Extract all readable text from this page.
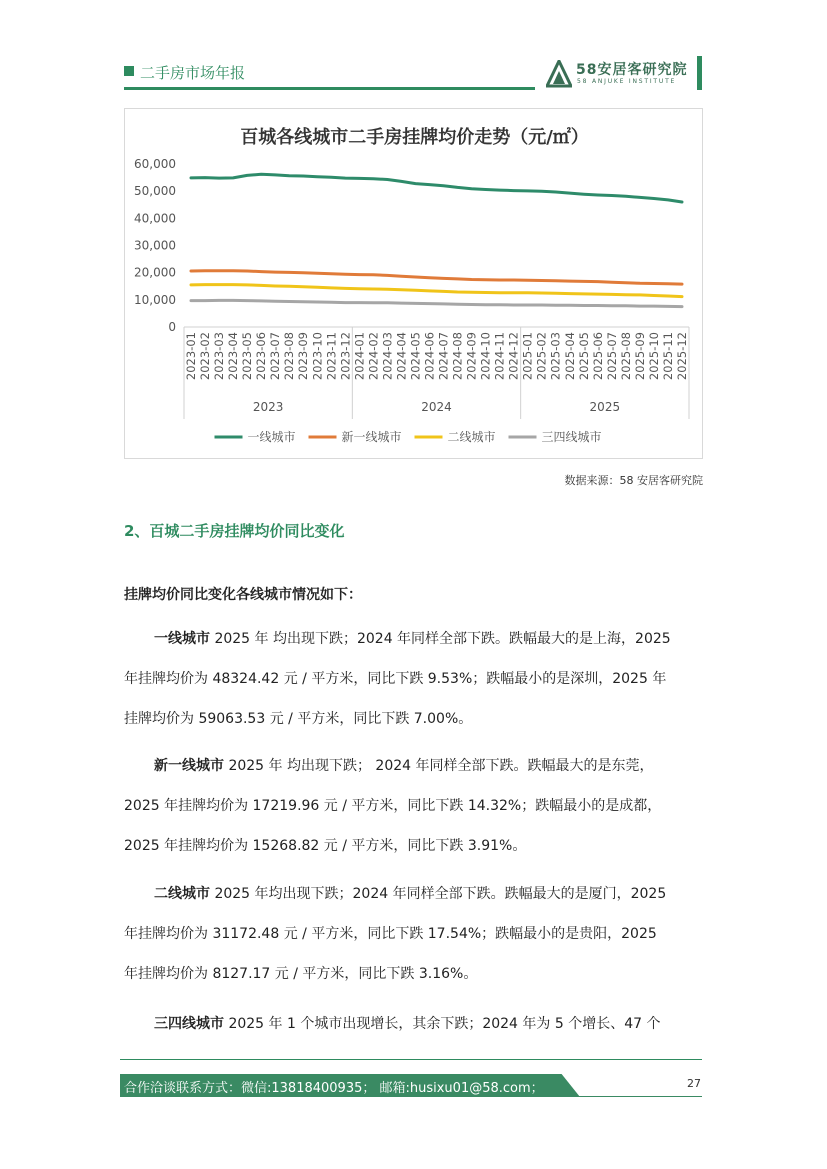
二手房市场年报	58安居客研究院
58 ANJUKE INSTITUTE
百城各线城市二手房挂牌均价走势（元/㎡）
60,000
50,000
40,000
30,000
20,000
10,000
0
2023-01 2023-02 2023-03 2023-04 2023-05 2023-06 2023-07 2023-08 2023-09 2023-10 2023-11 2023-12 2024-01 2024-02 2024-03 2024-04 2024-05 2024-06 2024-07 2024-08 2024-09 2024-10 2024-11 2024-12 2025-01 2025-02 2025-03 2025-04 2025-05 2025-06 2025-07 2025-08 2025-09 2025-10 2025-11 2025-12
2023	2024	2025
一线城市	新一线城市	二线城市	三四线城市
数据来源：58 安居客研究院
2、百城二手房挂牌均价同比变化
挂牌均价同比变化各线城市情况如下：
一线城市 2025 年 均出现下跌；2024 年同样全部下跌。跌幅最大的是上海，2025
年挂牌均价为 48324.42 元 / 平方米，同比下跌 9.53%；跌幅最小的是深圳，2025 年
挂牌均价为 59063.53 元 / 平方米，同比下跌 7.00%。
新一线城市 2025 年 均出现下跌； 2024 年同样全部下跌。跌幅最大的是东莞，
2025 年挂牌均价为 17219.96 元 / 平方米，同比下跌 14.32%；跌幅最小的是成都，
2025 年挂牌均价为 15268.82 元 / 平方米，同比下跌 3.91%。
二线城市 2025 年均出现下跌；2024 年同样全部下跌。跌幅最大的是厦门，2025
年挂牌均价为 31172.48 元 / 平方米，同比下跌 17.54%；跌幅最小的是贵阳，2025
年挂牌均价为 8127.17 元 / 平方米，同比下跌 3.16%。
三四线城市 2025 年 1 个城市出现增长，其余下跌；2024 年为 5 个增长、47 个
合作洽谈联系方式：微信:13818400935； 邮箱:husixu01@58.com；	27
